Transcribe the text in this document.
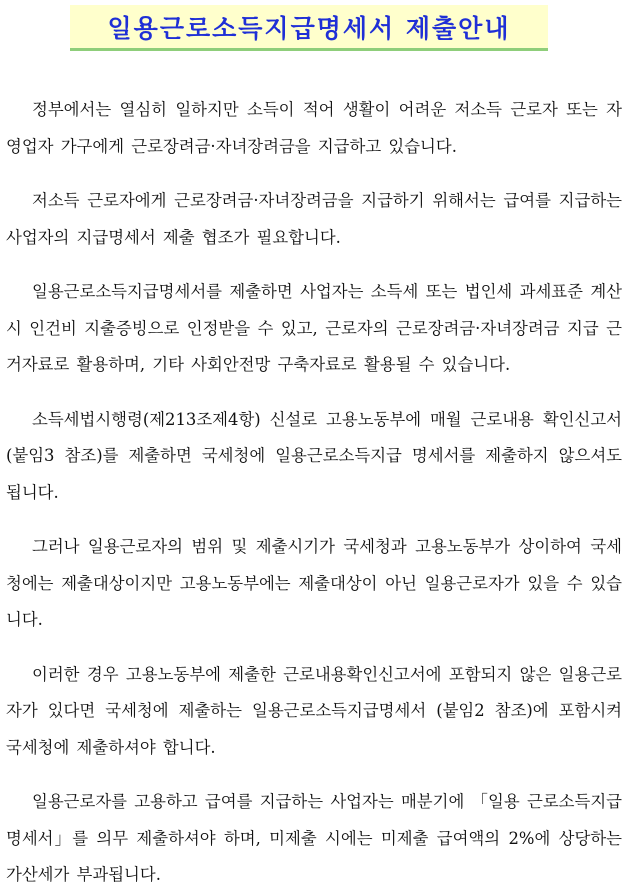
일용근로소득지급명세서 제출안내

정부에서는 열심히 일하지만 소득이 적어 생활이 어려운 저소득 근로자 또는 자영업자 가구에게 근로장려금·자녀장려금을 지급하고 있습니다.

저소득 근로자에게 근로장려금·자녀장려금을 지급하기 위해서는 급여를 지급하는 사업자의 지급명세서 제출 협조가 필요합니다.

일용근로소득지급명세서를 제출하면 사업자는 소득세 또는 법인세 과세표준 계산시 인건비 지출증빙으로 인정받을 수 있고, 근로자의 근로장려금·자녀장려금 지급 근거자료로 활용하며, 기타 사회안전망 구축자료로 활용될 수 있습니다.

소득세법시행령(제213조제4항) 신설로 고용노동부에 매월 근로내용 확인신고서(붙임3 참조)를 제출하면 국세청에 일용근로소득지급 명세서를 제출하지 않으셔도 됩니다.

그러나 일용근로자의 범위 및 제출시기가 국세청과 고용노동부가 상이하여 국세청에는 제출대상이지만 고용노동부에는 제출대상이 아닌 일용근로자가 있을 수 있습니다.

이러한 경우 고용노동부에 제출한 근로내용확인신고서에 포함되지 않은 일용근로자가 있다면 국세청에 제출하는 일용근로소득지급명세서 (붙임2 참조)에 포함시켜 국세청에 제출하셔야 합니다.

일용근로자를 고용하고 급여를 지급하는 사업자는 매분기에 「일용 근로소득지급명세서」를 의무 제출하셔야 하며, 미제출 시에는 미제출 급여액의 2%에 상당하는 가산세가 부과됩니다.
